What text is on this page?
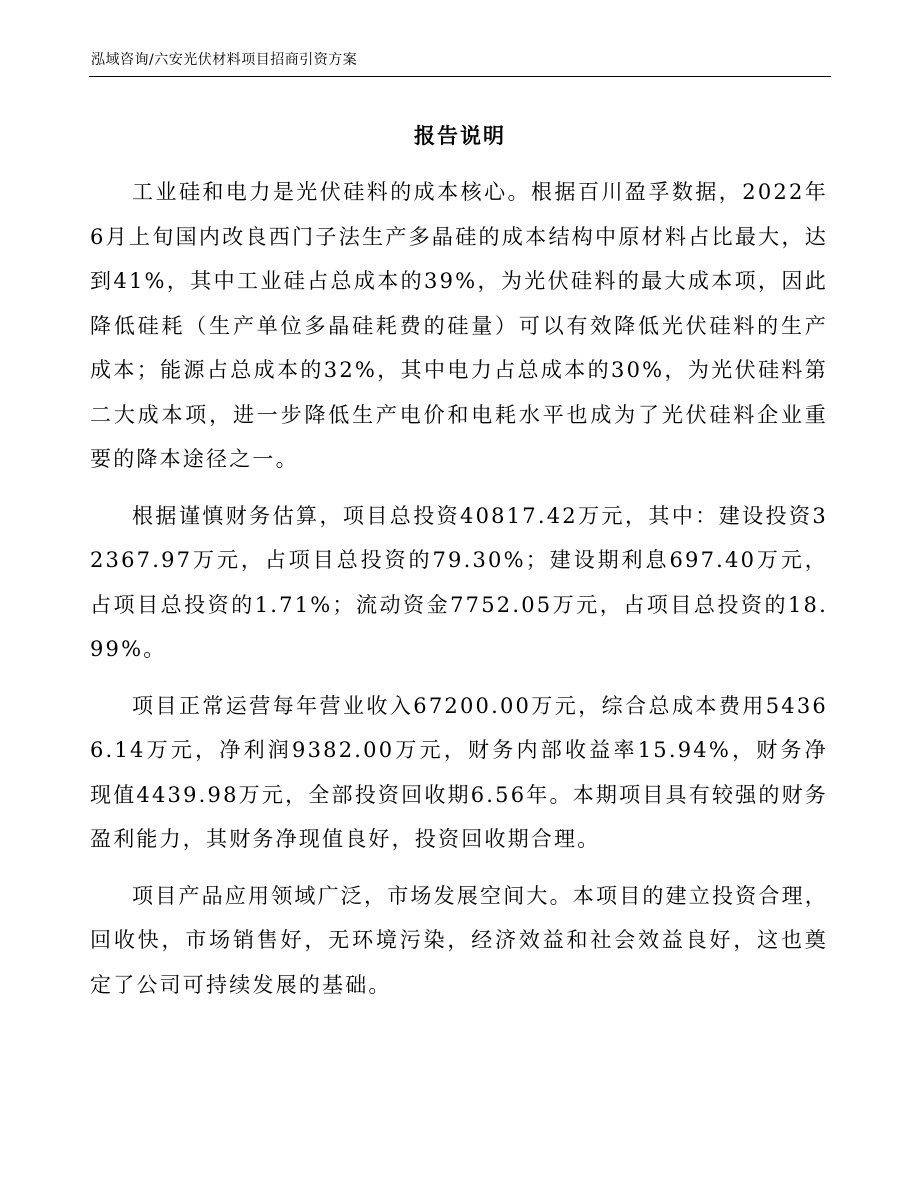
泓域咨询/六安光伏材料项目招商引资方案
报告说明

工业硅和电力是光伏硅料的成本核心。根据百川盈孚数据，2022年6月上旬国内改良西门子法生产多晶硅的成本结构中原材料占比最大，达到41%，其中工业硅占总成本的39%，为光伏硅料的最大成本项，因此降低硅耗（生产单位多晶硅耗费的硅量）可以有效降低光伏硅料的生产成本；能源占总成本的32%，其中电力占总成本的30%，为光伏硅料第二大成本项，进一步降低生产电价和电耗水平也成为了光伏硅料企业重要的降本途径之一。

根据谨慎财务估算，项目总投资40817.42万元，其中：建设投资32367.97万元，占项目总投资的79.30%；建设期利息697.40万元，占项目总投资的1.71%；流动资金7752.05万元，占项目总投资的18.99%。

项目正常运营每年营业收入67200.00万元，综合总成本费用54366.14万元，净利润9382.00万元，财务内部收益率15.94%，财务净现值4439.98万元，全部投资回收期6.56年。本期项目具有较强的财务盈利能力，其财务净现值良好，投资回收期合理。

项目产品应用领域广泛，市场发展空间大。本项目的建立投资合理，回收快，市场销售好，无环境污染，经济效益和社会效益良好，这也奠定了公司可持续发展的基础。
